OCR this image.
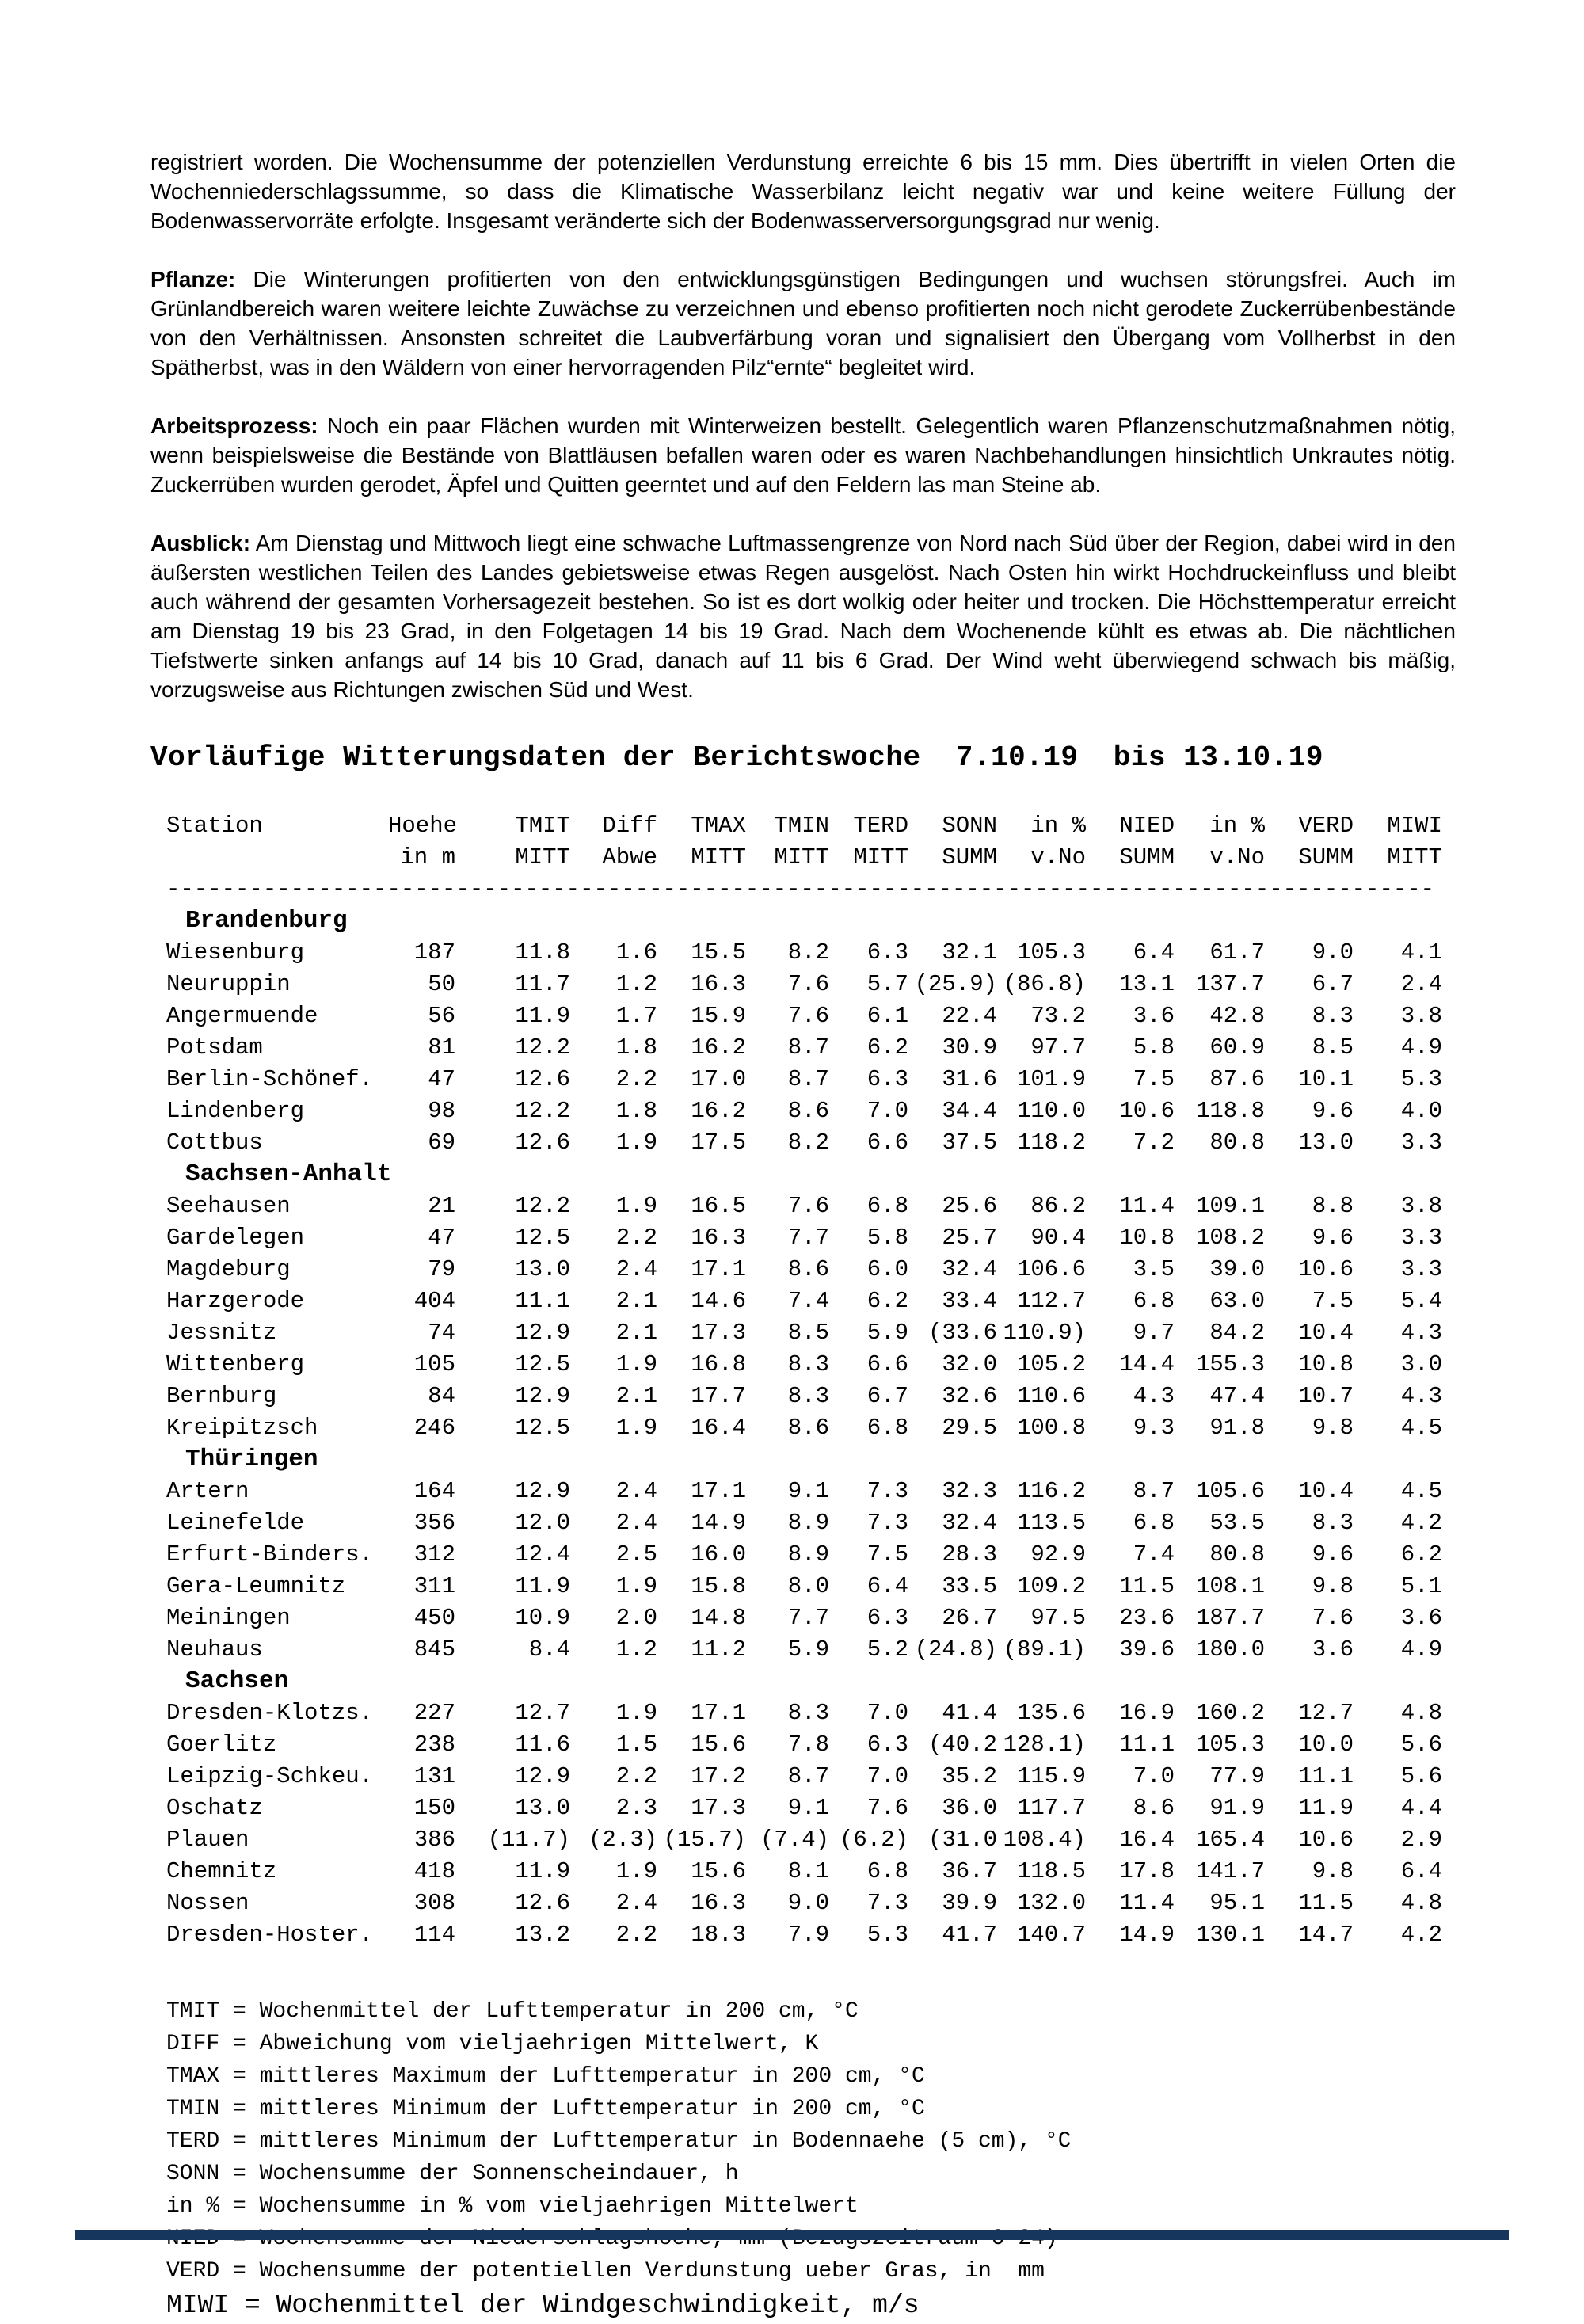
registriert worden. Die Wochensumme der potenziellen Verdunstung erreichte 6 bis 15 mm. Dies übertrifft in vielen Orten die Wochenniederschlagssumme, so dass die Klimatische Wasserbilanz leicht negativ war und keine weitere Füllung der Bodenwasservorräte erfolgte. Insgesamt veränderte sich der Bodenwasserversorgungsgrad nur wenig.

Pflanze: Die Winterungen profitierten von den entwicklungsgünstigen Bedingungen und wuchsen störungsfrei. Auch im Grünlandbereich waren weitere leichte Zuwächse zu verzeichnen und ebenso profitierten noch nicht gerodete Zuckerrübenbestände von den Verhältnissen. Ansonsten schreitet die Laubverfärbung voran und signalisiert den Übergang vom Vollherbst in den Spätherbst, was in den Wäldern von einer hervorragenden Pilz“ernte“ begleitet wird.

Arbeitsprozess: Noch ein paar Flächen wurden mit Winterweizen bestellt. Gelegentlich waren Pflanzenschutzmaßnahmen nötig, wenn beispielsweise die Bestände von Blattläusen befallen waren oder es waren Nachbehandlungen hinsichtlich Unkrautes nötig. Zuckerrüben wurden gerodet, Äpfel und Quitten geerntet und auf den Feldern las man Steine ab.

Ausblick: Am Dienstag und Mittwoch liegt eine schwache Luftmassengrenze von Nord nach Süd über der Region, dabei wird in den äußersten westlichen Teilen des Landes gebietsweise etwas Regen ausgelöst. Nach Osten hin wirkt Hochdruckeinfluss und bleibt auch während der gesamten Vorhersagezeit bestehen. So ist es dort wolkig oder heiter und trocken. Die Höchsttemperatur erreicht am Dienstag 19 bis 23 Grad, in den Folgetagen 14 bis 19 Grad. Nach dem Wochenende kühlt es etwas ab. Die nächtlichen Tiefstwerte sinken anfangs auf 14 bis 10 Grad, danach auf 11 bis 6 Grad. Der Wind weht überwiegend schwach bis mäßig, vorzugsweise aus Richtungen zwischen Süd und West.

Vorläufige Witterungsdaten der Berichtswoche  7.10.19  bis 13.10.19
Station	Hoehe	TMIT	Diff	TMAX	TMIN	TERD	SONN	in %	NIED	in %	VERD	MIWI
in m	MITT	Abwe	MITT	MITT	MITT	SUMM	v.No	SUMM	v.No	SUMM	MITT
--------------------------------------------------------------------------------------------
Brandenburg
Wiesenburg	187	11.8	1.6	15.5	8.2	6.3	32.1 105.3	6.4	61.7	9.0	4.1
Neuruppin	50	11.7	1.2	16.3	7.6	5.7 (25.9) (86.8)	13.1 137.7	6.7	2.4
Angermuende	56	11.9	1.7	15.9	7.6	6.1	22.4	73.2	3.6	42.8	8.3	3.8
Potsdam	81	12.2	1.8	16.2	8.7	6.2	30.9	97.7	5.8	60.9	8.5	4.9
Berlin-Schönef.	47	12.6	2.2	17.0	8.7	6.3	31.6 101.9	7.5	87.6	10.1	5.3
Lindenberg	98	12.2	1.8	16.2	8.6	7.0	34.4 110.0	10.6 118.8	9.6	4.0
Cottbus	69	12.6	1.9	17.5	8.2	6.6	37.5 118.2	7.2	80.8	13.0	3.3
Sachsen-Anhalt
Seehausen	21	12.2	1.9	16.5	7.6	6.8	25.6	86.2	11.4 109.1	8.8	3.8
Gardelegen	47	12.5	2.2	16.3	7.7	5.8	25.7	90.4	10.8 108.2	9.6	3.3
Magdeburg	79	13.0	2.4	17.1	8.6	6.0	32.4 106.6	3.5	39.0	10.6	3.3
Harzgerode	404	11.1	2.1	14.6	7.4	6.2	33.4 112.7	6.8	63.0	7.5	5.4
Jessnitz	74	12.9	2.1	17.3	8.5	5.9 (33.6 110.9)	9.7	84.2	10.4	4.3
Wittenberg	105	12.5	1.9	16.8	8.3	6.6	32.0 105.2	14.4 155.3	10.8	3.0
Bernburg	84	12.9	2.1	17.7	8.3	6.7	32.6 110.6	4.3	47.4	10.7	4.3
Kreipitzsch	246	12.5	1.9	16.4	8.6	6.8	29.5 100.8	9.3	91.8	9.8	4.5
Thüringen
Artern	164	12.9	2.4	17.1	9.1	7.3	32.3 116.2	8.7 105.6	10.4	4.5
Leinefelde	356	12.0	2.4	14.9	8.9	7.3	32.4 113.5	6.8	53.5	8.3	4.2
Erfurt-Binders.	312	12.4	2.5	16.0	8.9	7.5	28.3	92.9	7.4	80.8	9.6	6.2
Gera-Leumnitz	311	11.9	1.9	15.8	8.0	6.4	33.5 109.2	11.5 108.1	9.8	5.1
Meiningen	450	10.9	2.0	14.8	7.7	6.3	26.7	97.5	23.6 187.7	7.6	3.6
Neuhaus	845	8.4	1.2	11.2	5.9	5.2 (24.8) (89.1)	39.6 180.0	3.6	4.9
Sachsen
Dresden-Klotzs.	227	12.7	1.9	17.1	8.3	7.0	41.4 135.6	16.9 160.2	12.7	4.8
Goerlitz	238	11.6	1.5	15.6	7.8	6.3 (40.2 128.1)	11.1 105.3	10.0	5.6
Leipzig-Schkeu.	131	12.9	2.2	17.2	8.7	7.0	35.2 115.9	7.0	77.9	11.1	5.6
Oschatz	150	13.0	2.3	17.3	9.1	7.6	36.0 117.7	8.6	91.9	11.9	4.4
Plauen	386	(11.7) (2.3) (15.7) (7.4) (6.2) (31.0 108.4)	16.4 165.4	10.6	2.9
Chemnitz	418	11.9	1.9	15.6	8.1	6.8	36.7 118.5	17.8 141.7	9.8	6.4
Nossen	308	12.6	2.4	16.3	9.0	7.3	39.9 132.0	11.4	95.1	11.5	4.8
Dresden-Hoster.	114	13.2	2.2	18.3	7.9	5.3	41.7 140.7	14.9 130.1	14.7	4.2
TMIT = Wochenmittel der Lufttemperatur in 200 cm, °C
DIFF = Abweichung vom vieljaehrigen Mittelwert, K
TMAX = mittleres Maximum der Lufttemperatur in 200 cm, °C
TMIN = mittleres Minimum der Lufttemperatur in 200 cm, °C
TERD = mittleres Minimum der Lufttemperatur in Bodennaehe (5 cm), °C
SONN = Wochensumme der Sonnenscheindauer, h
in % = Wochensumme in % vom vieljaehrigen Mittelwert
VERD = Wochensumme der potentiellen Verdunstung ueber Gras, in  mm
MIWI = Wochenmittel der Windgeschwindigkeit, m/s
